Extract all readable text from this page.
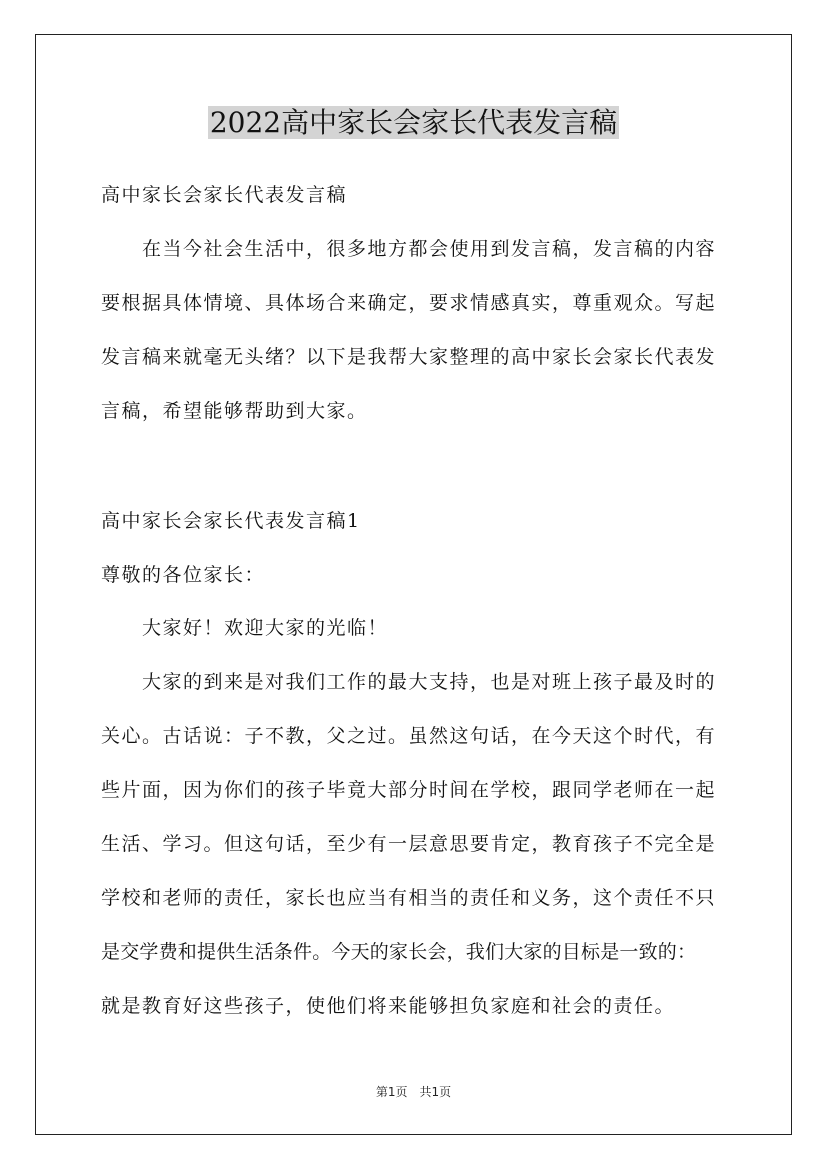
2022高中家长会家长代表发言稿
高中家长会家长代表发言稿
　　在当今社会生活中，很多地方都会使用到发言稿，发言稿的内容
要根据具体情境、具体场合来确定，要求情感真实，尊重观众。写起
发言稿来就毫无头绪？以下是我帮大家整理的高中家长会家长代表发
言稿，希望能够帮助到大家。
高中家长会家长代表发言稿1
尊敬的各位家长：
　　大家好！欢迎大家的光临！
　　大家的到来是对我们工作的最大支持，也是对班上孩子最及时的
关心。古话说：子不教，父之过。虽然这句话，在今天这个时代，有
些片面，因为你们的孩子毕竟大部分时间在学校，跟同学老师在一起
生活、学习。但这句话，至少有一层意思要肯定，教育孩子不完全是
学校和老师的责任，家长也应当有相当的责任和义务，这个责任不只
是交学费和提供生活条件。今天的家长会，我们大家的目标是一致的：
就是教育好这些孩子，使他们将来能够担负家庭和社会的责任。
第1页　共1页
